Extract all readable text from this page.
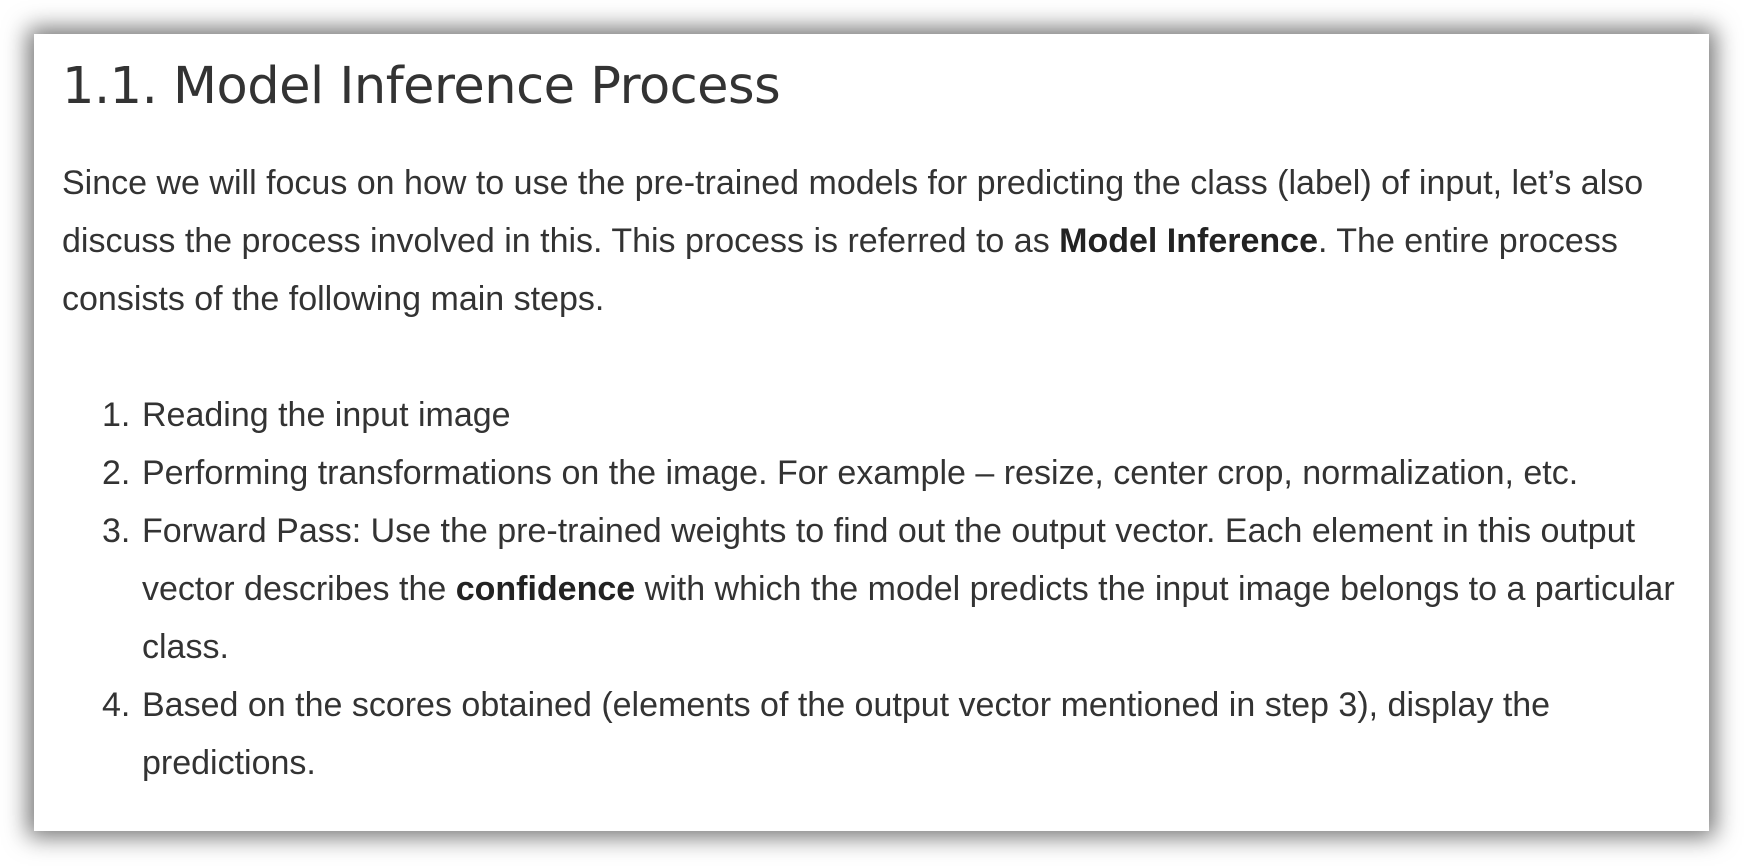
1.1. Model Inference Process

Since we will focus on how to use the pre-trained models for predicting the class (label) of input, let’s also discuss the process involved in this. This process is referred to as Model Inference. The entire process consists of the following main steps.

1. Reading the input image
2. Performing transformations on the image. For example – resize, center crop, normalization, etc.
3. Forward Pass: Use the pre-trained weights to find out the output vector. Each element in this output vector describes the confidence with which the model predicts the input image belongs to a particular class.
4. Based on the scores obtained (elements of the output vector mentioned in step 3), display the predictions.
